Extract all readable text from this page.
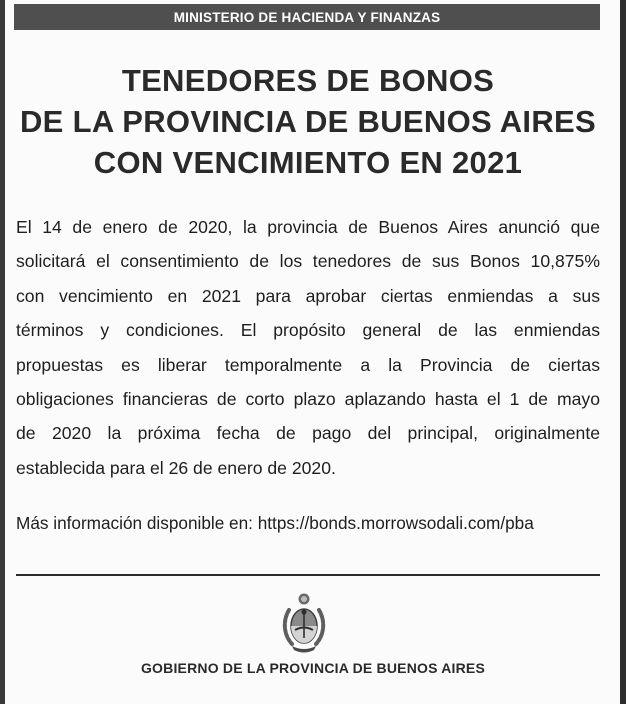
MINISTERIO DE HACIENDA Y FINANZAS
TENEDORES DE BONOS
DE LA PROVINCIA DE BUENOS AIRES
CON VENCIMIENTO EN 2021
El 14 de enero de 2020, la provincia de Buenos Aires anunció que
solicitará el consentimiento de los tenedores de sus Bonos 10,875%
con vencimiento en 2021 para aprobar ciertas enmiendas a sus
términos y condiciones. El propósito general de las enmiendas
propuestas es liberar temporalmente a la Provincia de ciertas
obligaciones financieras de corto plazo aplazando hasta el 1 de mayo
de 2020 la próxima fecha de pago del principal, originalmente
establecida para el 26 de enero de 2020.
Más información disponible en: https://bonds.morrowsodali.com/pba
GOBIERNO DE LA PROVINCIA DE BUENOS AIRES
